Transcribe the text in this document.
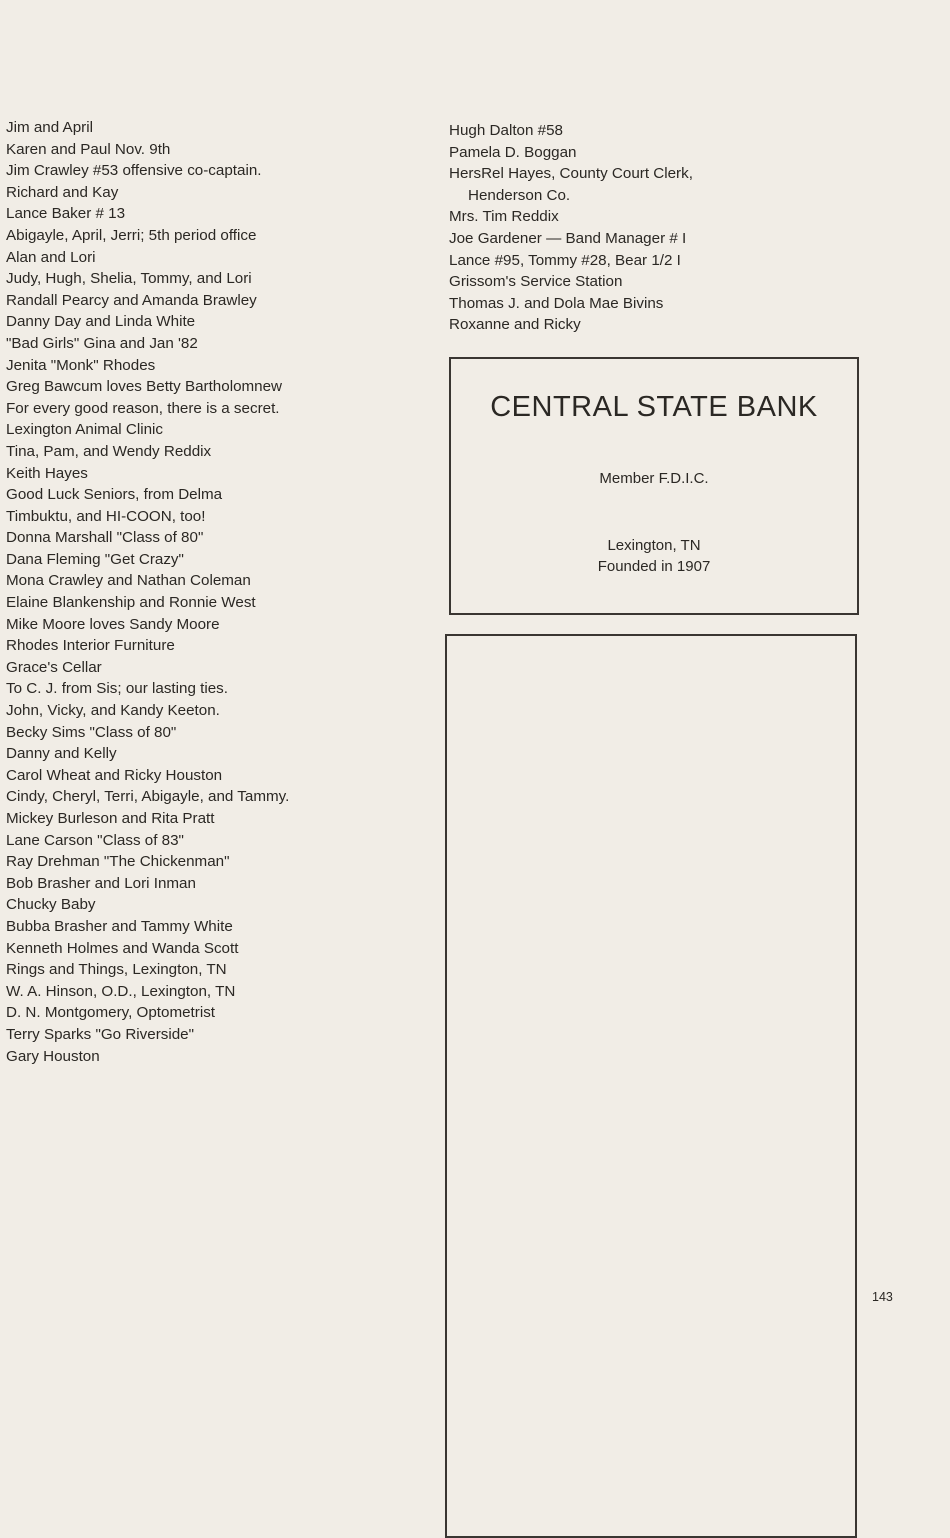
Jim and April
Karen and Paul Nov. 9th
Jim Crawley #53 offensive co-captain.
Richard and Kay
Lance Baker # 13
Abigayle, April, Jerri; 5th period office
Alan and Lori
Judy, Hugh, Shelia, Tommy, and Lori
Randall Pearcy and Amanda Brawley
Danny Day and Linda White
"Bad Girls" Gina and Jan '82
Jenita "Monk" Rhodes
Greg Bawcum loves Betty Bartholomnew
For every good reason, there is a secret.
Lexington Animal Clinic
Tina, Pam, and Wendy Reddix
Keith Hayes
Good Luck Seniors, from Delma
Timbuktu, and HI-COON, too!
Donna Marshall "Class of 80"
Dana Fleming "Get Crazy"
Mona Crawley and Nathan Coleman
Elaine Blankenship and Ronnie West
Mike Moore loves Sandy Moore
Rhodes Interior Furniture
Grace's Cellar
To C. J. from Sis; our lasting ties.
John, Vicky, and Kandy Keeton.
Becky Sims "Class of 80"
Danny and Kelly
Carol Wheat and Ricky Houston
Cindy, Cheryl, Terri, Abigayle, and Tammy.
Mickey Burleson and Rita Pratt
Lane Carson "Class of 83"
Ray Drehman "The Chickenman"
Bob Brasher and Lori Inman
Chucky Baby
Bubba Brasher and Tammy White
Kenneth Holmes and Wanda Scott
Rings and Things, Lexington, TN
W. A. Hinson, O.D., Lexington, TN
D. N. Montgomery, Optometrist
Terry Sparks "Go Riverside"
Gary Houston
Hugh Dalton #58
Pamela D. Boggan
HersRel Hayes, County Court Clerk, Henderson Co.
Mrs. Tim Reddix
Joe Gardener — Band Manager # I
Lance #95, Tommy #28, Bear 1/2 I
Grissom's Service Station
Thomas J. and Dola Mae Bivins
Roxanne and Ricky
CENTRAL STATE BANK
Member F.D.I.C.
Lexington, TN
Founded in 1907
143
